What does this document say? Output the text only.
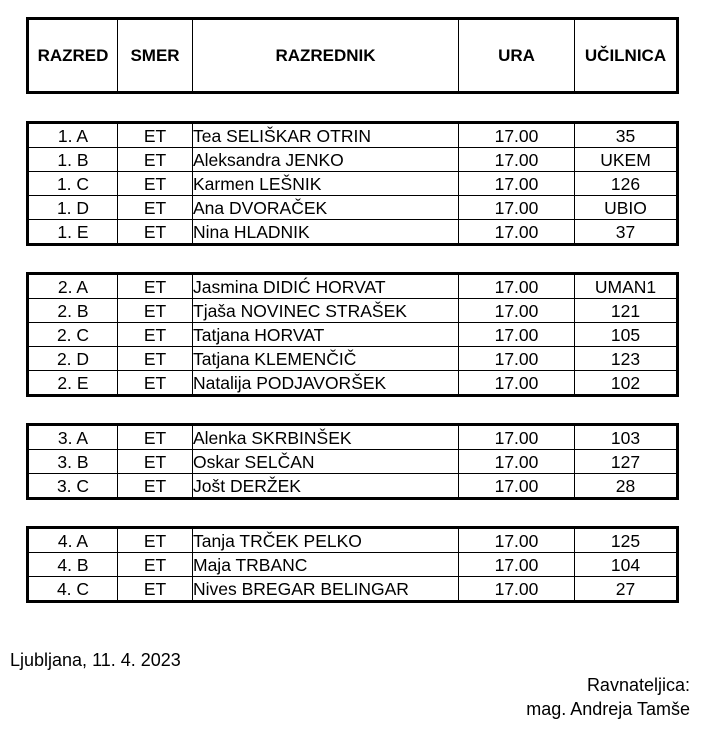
RAZRED	SMER	RAZREDNIK	URA	UČILNICA
1. A	ET	Tea SELIŠKAR OTRIN	17.00	35
1. B	ET	Aleksandra JENKO	17.00	UKEM
1. C	ET	Karmen LEŠNIK	17.00	126
1. D	ET	Ana DVORAČEK	17.00	UBIO
1. E	ET	Nina HLADNIK	17.00	37
2. A	ET	Jasmina DIDIĆ HORVAT	17.00	UMAN1
2. B	ET	Tjaša NOVINEC STRAŠEK	17.00	121
2. C	ET	Tatjana HORVAT	17.00	105
2. D	ET	Tatjana KLEMENČIČ	17.00	123
2. E	ET	Natalija PODJAVORŠEK	17.00	102
3. A	ET	Alenka SKRBINŠEK	17.00	103
3. B	ET	Oskar SELČAN	17.00	127
3. C	ET	Jošt DERŽEK	17.00	28
4. A	ET	Tanja TRČEK PELKO	17.00	125
4. B	ET	Maja TRBANC	17.00	104
4. C	ET	Nives BREGAR BELINGAR	17.00	27
Ljubljana, 11. 4. 2023
Ravnateljica:
mag. Andreja Tamše
